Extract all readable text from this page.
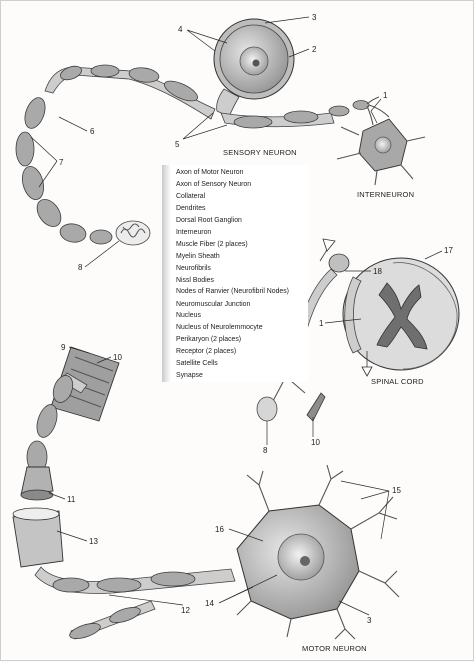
4
3
2
5
1
6
7
8	18
17
1
8
10
9
10
11
13
12
16
14
15
3
SENSORY NEURON
INTERNEURON
SPINAL CORD
MOTOR NEURON
Axon of Motor Neuron
Axon of Sensory Neuron
Collateral
Dendrites
Dorsal Root Ganglion
Interneuron
Muscle Fiber (2 places)
Myelin Sheath
Neurofibrils
Nissl Bodies
Nodes of Ranvier (Neurofibril Nodes)
Neuromuscular Junction
Nucleus
Nucleus of Neurolemmocyte
Perikaryon (2 places)
Receptor (2 places)
Satellite Cells
Synapse
